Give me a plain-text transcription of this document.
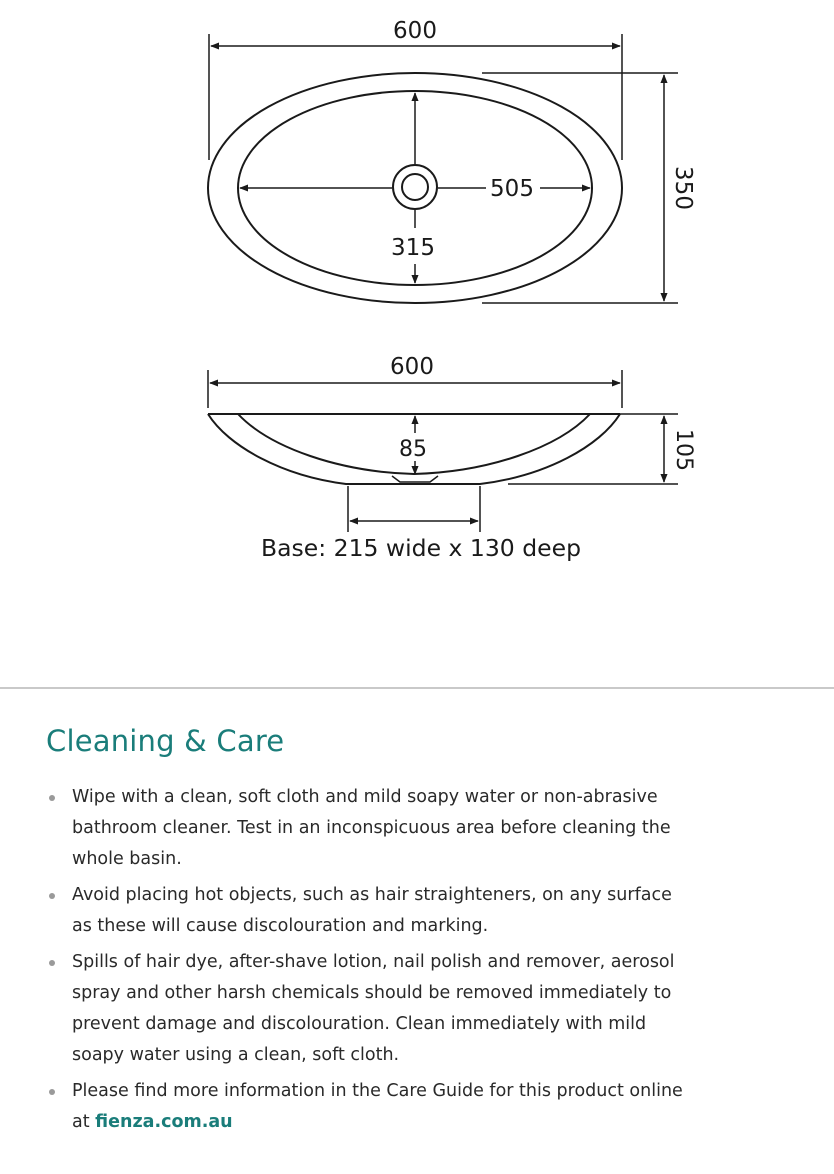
600
350
505
315
600
105
85
Base: 215 wide x 130 deep
Cleaning & Care
Wipe with a clean, soft cloth and mild soapy water or non-abrasive bathroom cleaner. Test in an inconspicuous area before cleaning the whole basin.
Avoid placing hot objects, such as hair straighteners, on any surface as these will cause discolouration and marking.
Spills of hair dye, after-shave lotion, nail polish and remover, aerosol spray and other harsh chemicals should be removed immediately to prevent damage and discolouration. Clean immediately with mild soapy water using a clean, soft cloth.
Please find more information in the Care Guide for this product online at fienza.com.au
